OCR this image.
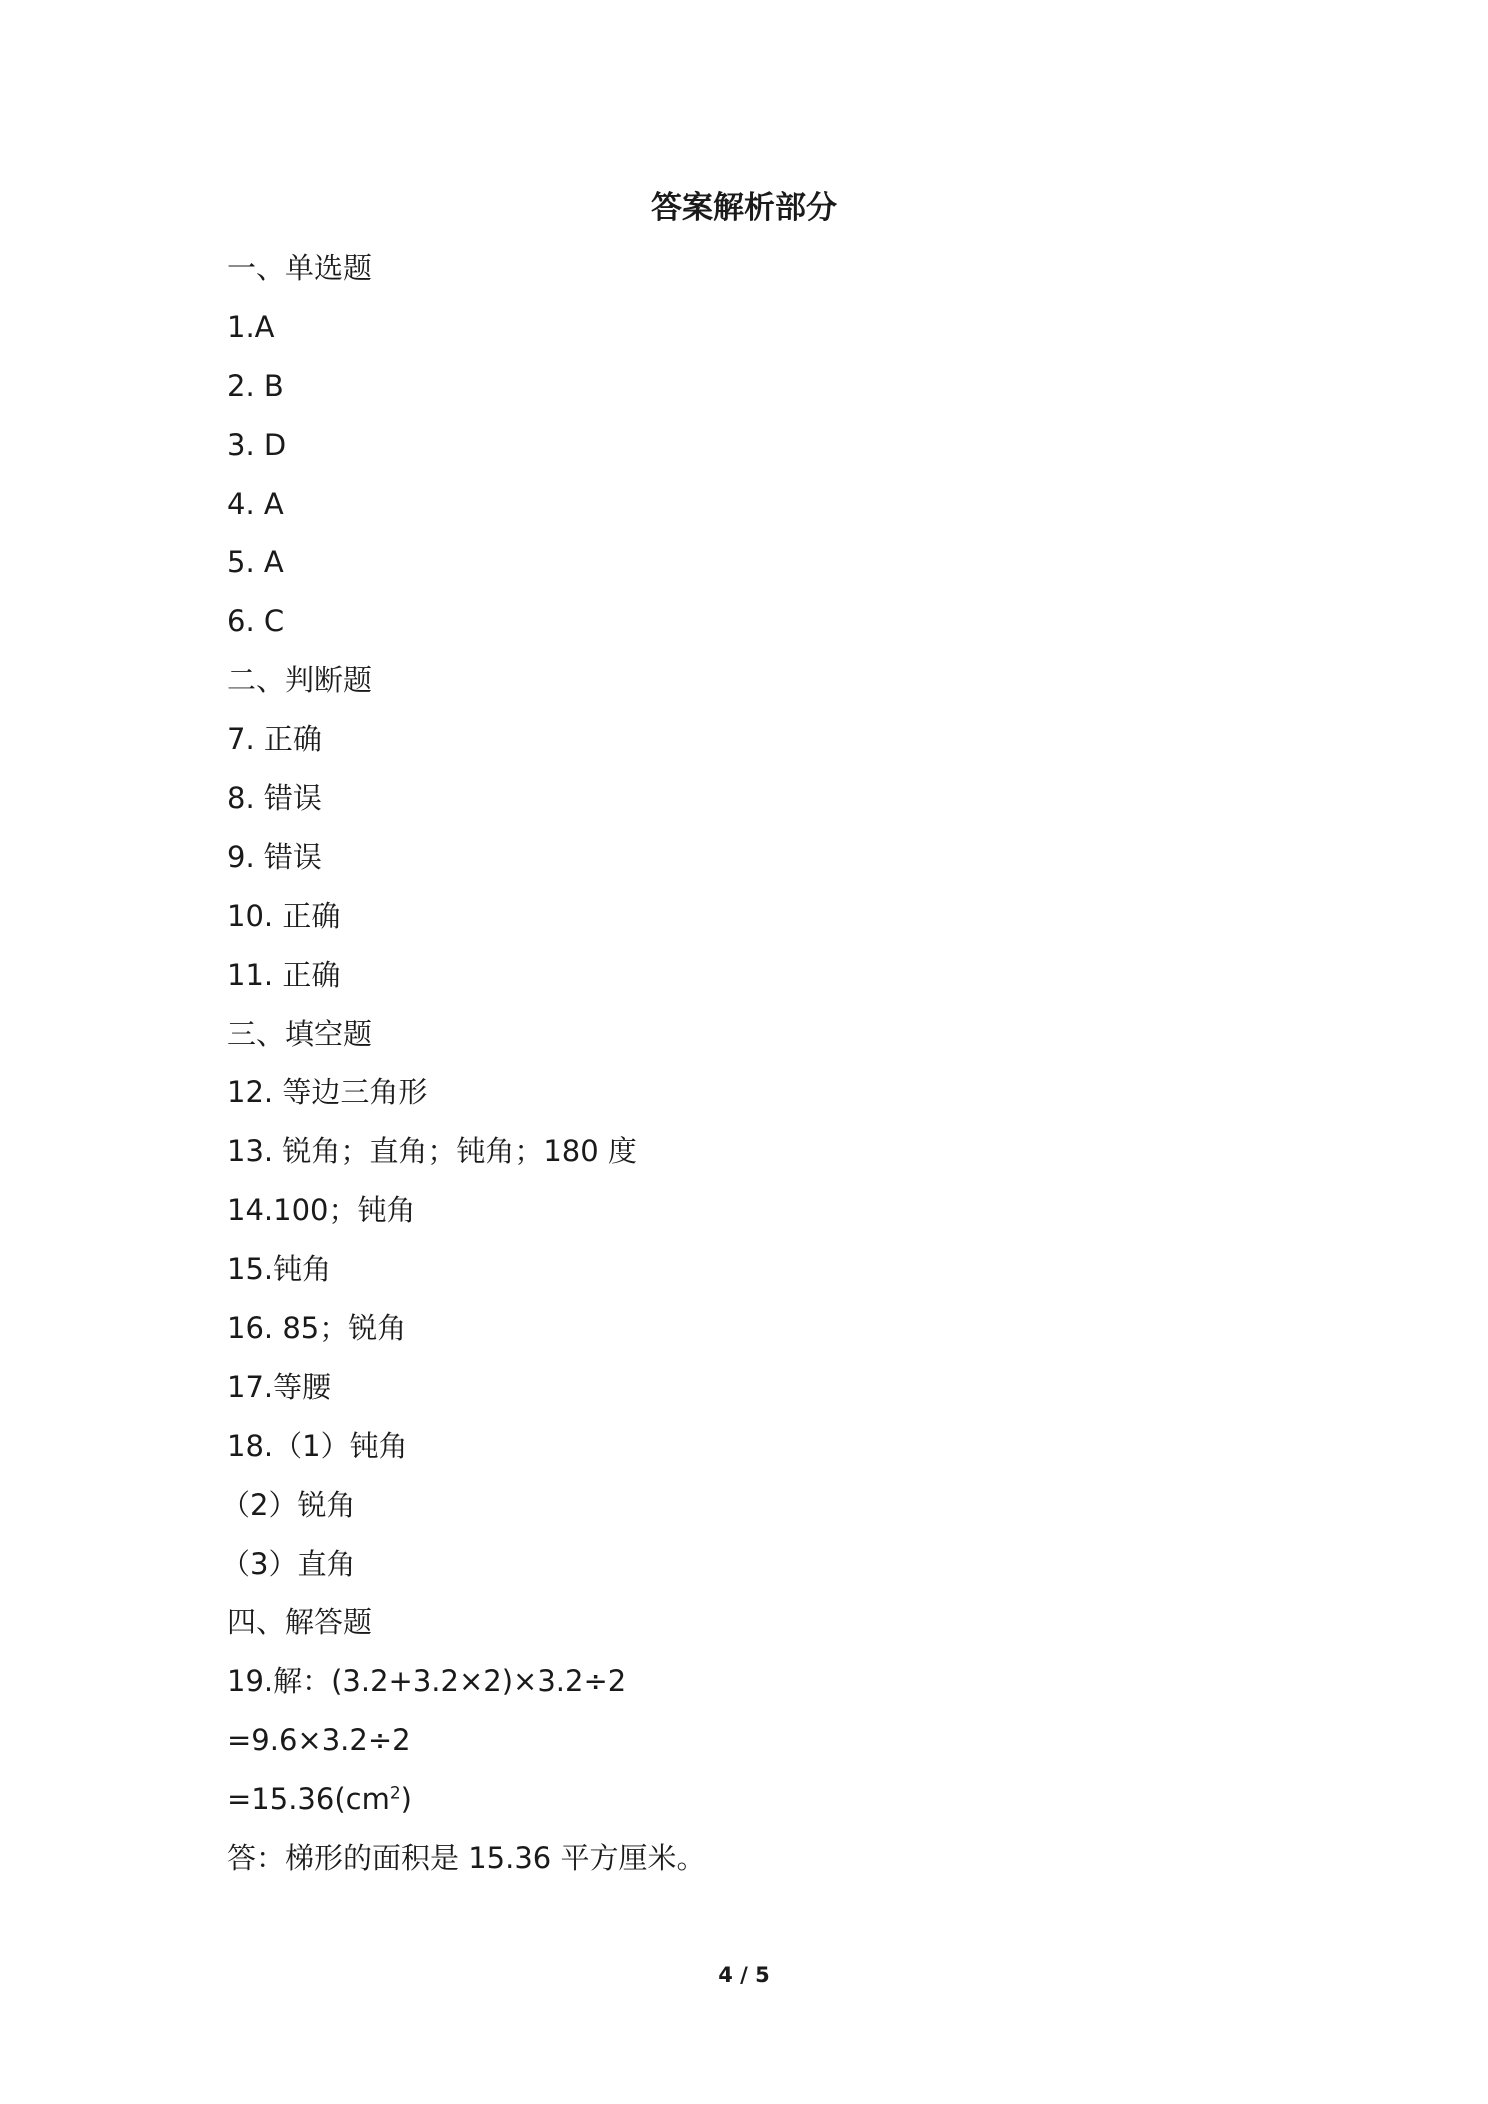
答案解析部分
一、单选题
1.A
2. B
3. D
4. A
5. A
6. C
二、判断题
7. 正确
8. 错误
9. 错误
10. 正确
11. 正确
三、填空题
12. 等边三角形
13. 锐角；直角；钝角；180 度
14.100；钝角
15.钝角
16. 85；锐角
17.等腰
18.（1）钝角
（2）锐角
（3）直角
四、解答题
19.解：(3.2+3.2×2)×3.2÷2
=9.6×3.2÷2
$=15.36(cm^2)$
答：梯形的面积是 15.36 平方厘米。
4 / 5
